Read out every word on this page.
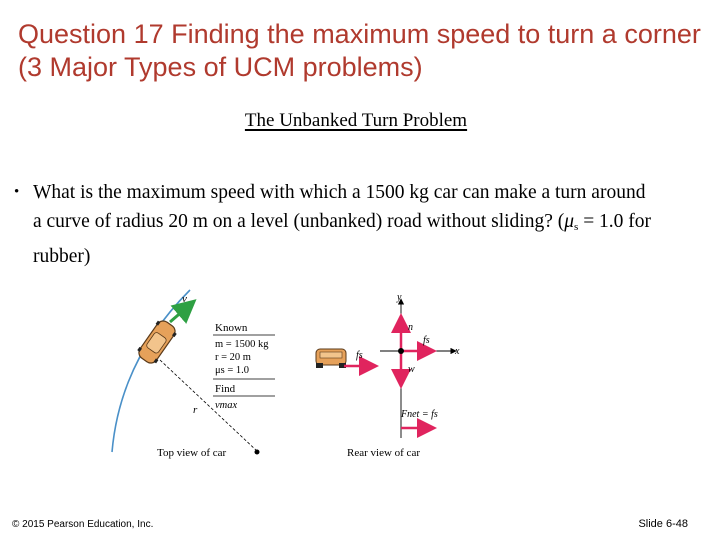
Question 17 Finding the maximum speed to turn a corner (3 Major Types of UCM problems)
The Unbanked Turn Problem
• What is the maximum speed with which a 1500 kg car can make a turn around a curve of radius 20 m on a level (unbanked) road without sliding? (μs = 1.0 for rubber)
v
r
Top view of car
Known
m = 1500 kg
r = 20 m
μs = 1.0
Find
vmax
fs
Rear view of car
y
x
n
w
fs
Fnet = fs
© 2015 Pearson Education, Inc.	Slide 6-48
